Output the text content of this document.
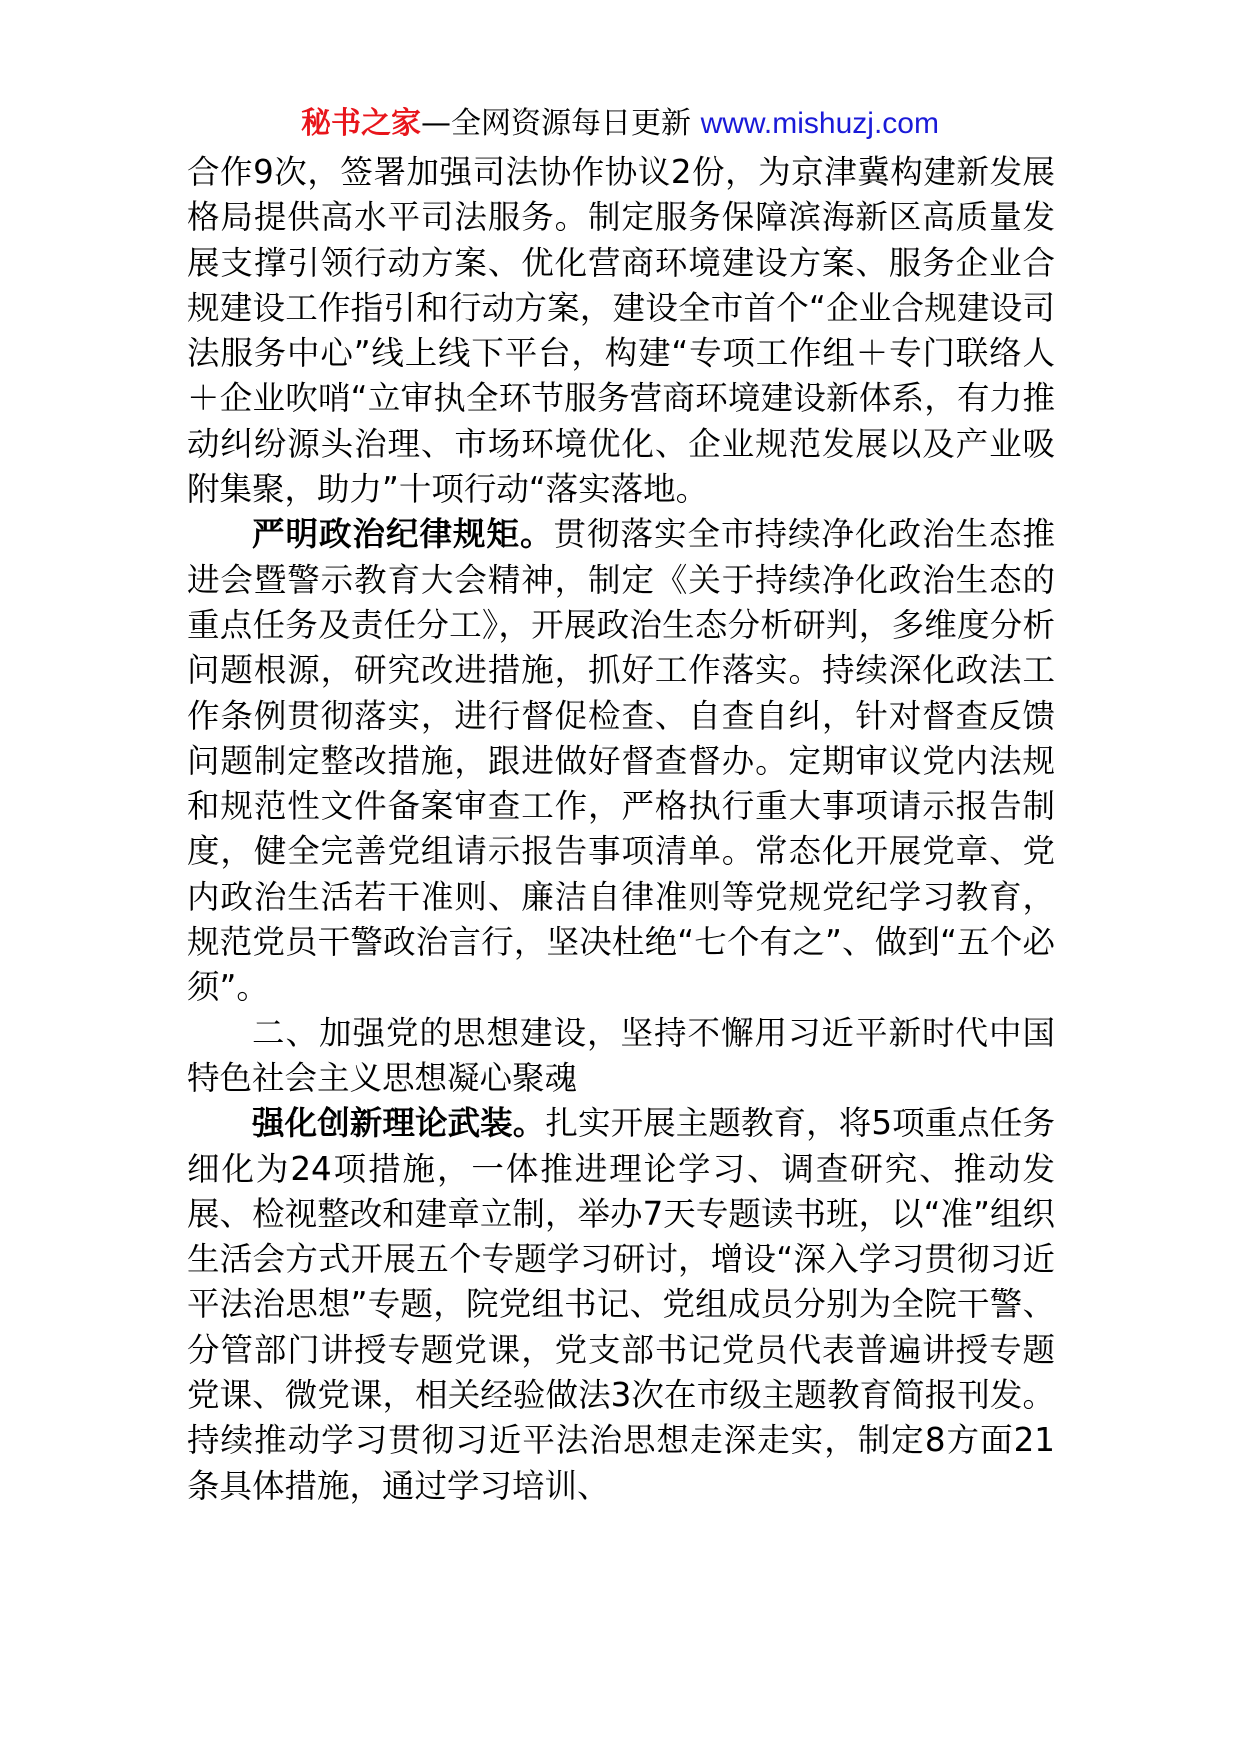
秘书之家—全网资源每日更新 www.mishuzj.com

合作9次，签署加强司法协作协议2份，为京津冀构建新发展格局提供高水平司法服务。制定服务保障滨海新区高质量发展支撑引领行动方案、优化营商环境建设方案、服务企业合规建设工作指引和行动方案，建设全市首个“企业合规建设司法服务中心”线上线下平台，构建“专项工作组＋专门联络人＋企业吹哨“立审执全环节服务营商环境建设新体系，有力推动纠纷源头治理、市场环境优化、企业规范发展以及产业吸附集聚，助力”十项行动“落实落地。

严明政治纪律规矩。贯彻落实全市持续净化政治生态推进会暨警示教育大会精神，制定《关于持续净化政治生态的重点任务及责任分工》，开展政治生态分析研判，多维度分析问题根源，研究改进措施，抓好工作落实。持续深化政法工作条例贯彻落实，进行督促检查、自查自纠，针对督查反馈问题制定整改措施，跟进做好督查督办。定期审议党内法规和规范性文件备案审查工作，严格执行重大事项请示报告制度，健全完善党组请示报告事项清单。常态化开展党章、党内政治生活若干准则、廉洁自律准则等党规党纪学习教育，规范党员干警政治言行，坚决杜绝“七个有之”、做到“五个必须”。

二、加强党的思想建设，坚持不懈用习近平新时代中国特色社会主义思想凝心聚魂

强化创新理论武装。扎实开展主题教育，将5项重点任务细化为24项措施，一体推进理论学习、调查研究、推动发展、检视整改和建章立制，举办7天专题读书班，以“准”组织生活会方式开展五个专题学习研讨，增设“深入学习贯彻习近平法治思想”专题，院党组书记、党组成员分别为全院干警、分管部门讲授专题党课，党支部书记党员代表普遍讲授专题党课、微党课，相关经验做法3次在市级主题教育简报刊发。持续推动学习贯彻习近平法治思想走深走实，制定8方面21条具体措施，通过学习培训、
